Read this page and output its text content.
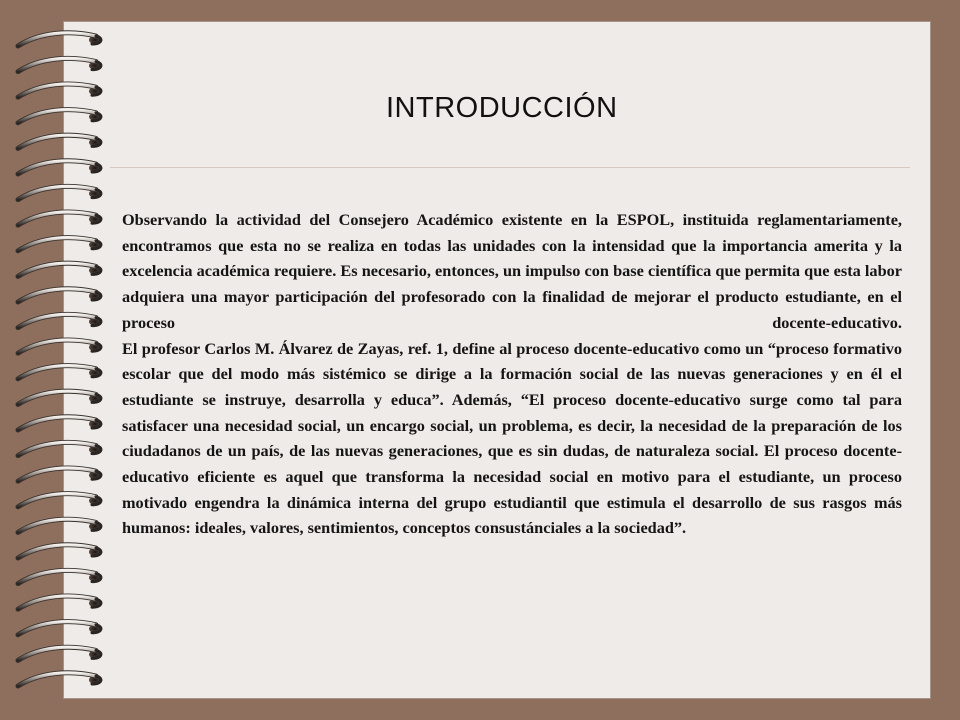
INTRODUCCIÓN
Observando la actividad del Consejero Académico existente en la ESPOL, instituida reglamentariamente, encontramos que esta no se realiza en todas las unidades con la intensidad que la importancia amerita y la excelencia académica requiere. Es necesario, entonces, un impulso con base científica que permita que esta labor adquiera una mayor participación del profesorado con la finalidad de mejorar el producto estudiante, en el proceso docente-educativo.
El profesor Carlos M. Álvarez de Zayas, ref. 1, define al proceso docente-educativo como un “proceso formativo escolar que del modo más sistémico se dirige a la formación social de las nuevas generaciones y en él el estudiante se instruye, desarrolla y educa”. Además, “El proceso docente-educativo surge como tal para satisfacer una necesidad social, un encargo social, un problema, es decir, la necesidad de la preparación de los ciudadanos de un país, de las nuevas generaciones, que es sin dudas, de naturaleza social. El proceso docente-educativo eficiente es aquel que transforma la necesidad social en motivo para el estudiante, un proceso motivado engendra la dinámica interna del grupo estudiantil que estimula el desarrollo de sus rasgos más humanos: ideales, valores, sentimientos, conceptos consustánciales a la sociedad”.
